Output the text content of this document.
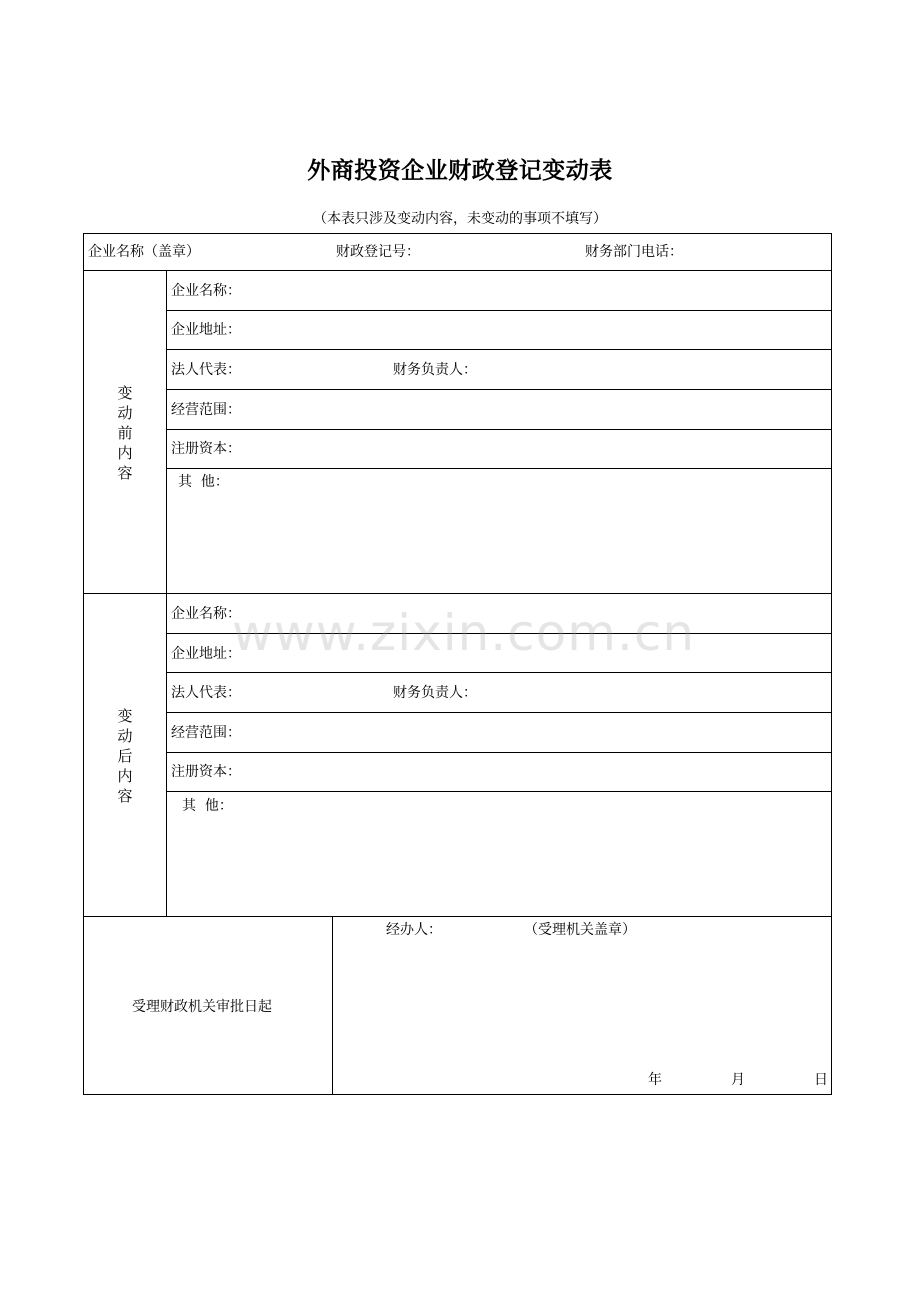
外商投资企业财政登记变动表
（本表只涉及变动内容，未变动的事项不填写）
企业名称（盖章）	财政登记号：	财务部门电话：
变动前内容
企业名称：
企业地址：
法人代表：	财务负责人：
经营范围：
注册资本：
其  他：
变动后内容
企业名称：
企业地址：
法人代表：	财务负责人：
经营范围：
注册资本：
其  他：
受理财政机关审批日起
经办人：	（受理机关盖章）
年	月	日
www.zixin.com.cn
